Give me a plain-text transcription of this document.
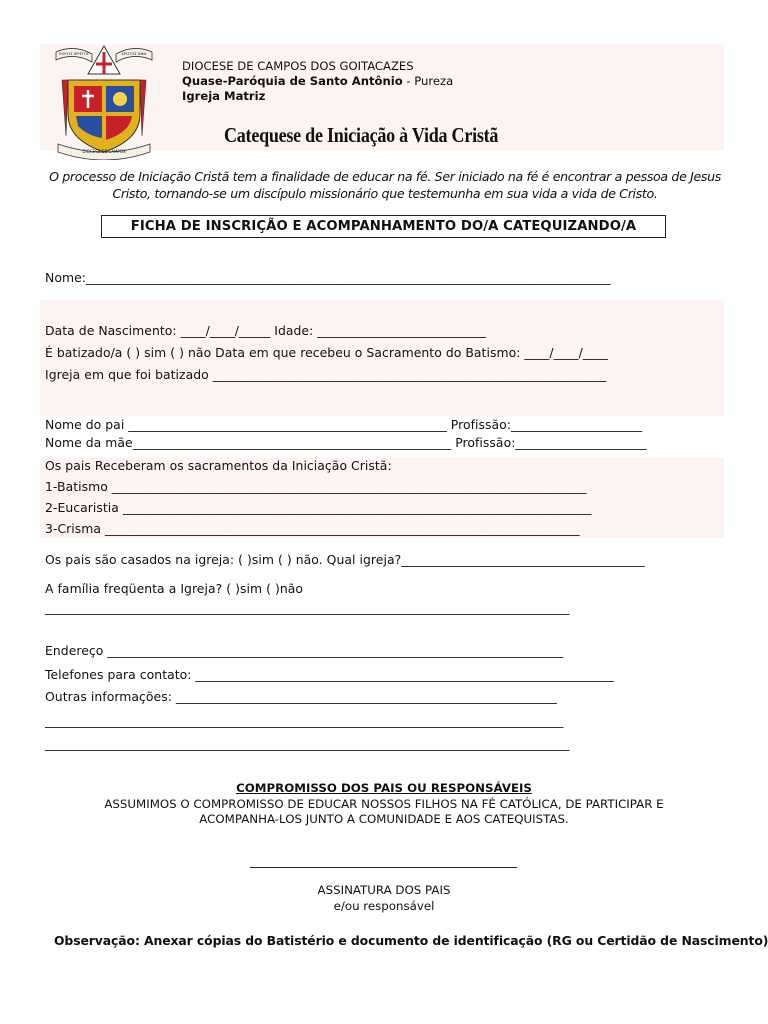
ἸΗΣΟΥΣ ΧΡΙΣΤΟΣ	ΧΡΙΣΤΟΣ ΝΙΚΑ
DIOCESE DE CAMPOS
DIOCESE DE CAMPOS DOS GOITACAZES
Quase-Paróquia de Santo Antônio - Pureza
Igreja Matriz
Catequese de Iniciação à Vida Cristã
O processo de Iniciação Cristã tem a finalidade de educar na fé. Ser iniciado na fé é encontrar a pessoa de Jesus Cristo, tornando-se um discípulo missionário que testemunha em sua vida a vida de Cristo.
FICHA DE INSCRIÇÃO E ACOMPANHAMENTO DO/A CATEQUIZANDO/A
Nome:____________________________________________________________________________________
Data de Nascimento: ____/____/_____ Idade: ___________________________
É batizado/a ( ) sim ( ) não Data em que recebeu o Sacramento do Batismo: ____/____/____
Igreja em que foi batizado _______________________________________________________________
Nome do pai ___________________________________________________ Profissão:_____________________
Nome da mãe___________________________________________________ Profissão:_____________________
Os pais Receberam os sacramentos da Iniciação Cristã:
1-Batismo ____________________________________________________________________________
2-Eucaristia ___________________________________________________________________________
3-Crisma ____________________________________________________________________________
Os pais são casados na igreja: ( )sim ( ) não. Qual igreja?_______________________________________
A família freqüenta a Igreja? ( )sim ( )não
____________________________________________________________________________________
Endereço _________________________________________________________________________
Telefones para contato: ___________________________________________________________________
Outras informações: _____________________________________________________________
___________________________________________________________________________________
____________________________________________________________________________________
COMPROMISSO DOS PAIS OU RESPONSÁVEIS
ASSUMIMOS O COMPROMISSO DE EDUCAR NOSSOS FILHOS NA FÉ CATÓLICA, DE PARTICIPAR E
ACOMPANHA-LOS JUNTO A COMUNIDADE E AOS CATEQUISTAS.
ASSINATURA DOS PAIS
e/ou responsável
Observação: Anexar cópias do Batistério e documento de identificação (RG ou Certidão de Nascimento)
